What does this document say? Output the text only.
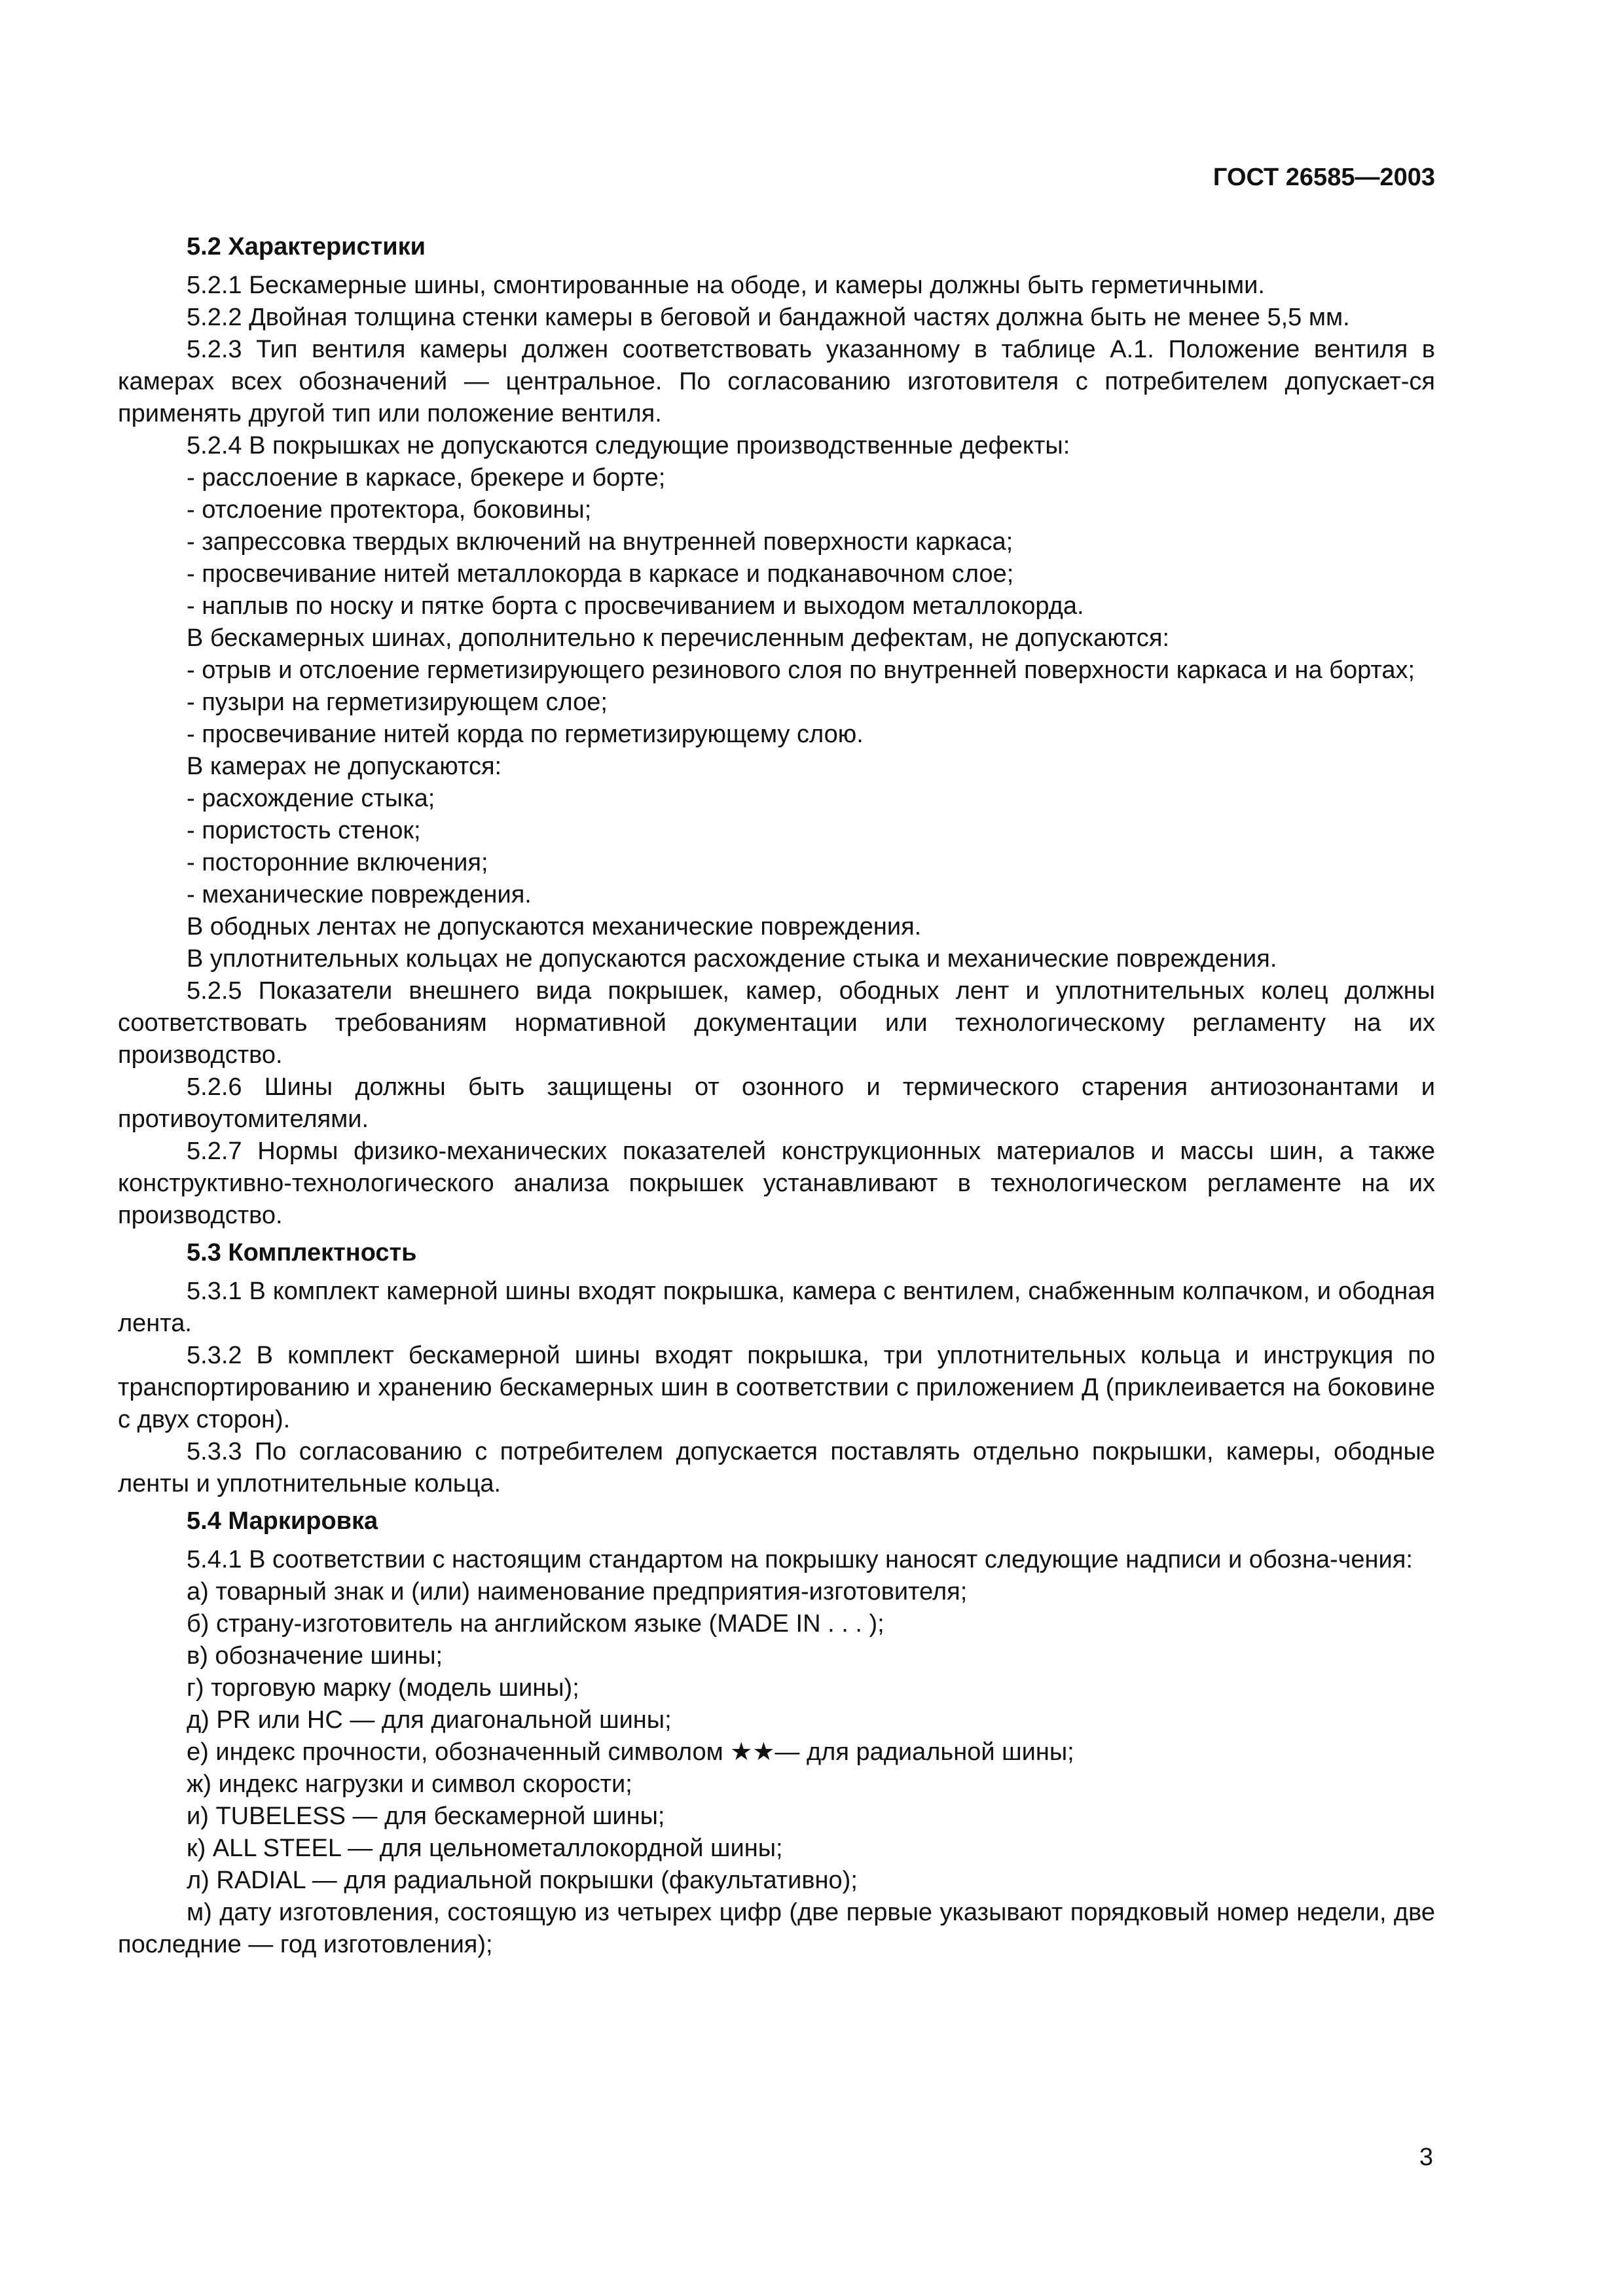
ГОСТ 26585—2003
5.2 Характеристики

5.2.1 Бескамерные шины, смонтированные на ободе, и камеры должны быть герметичными.

5.2.2 Двойная толщина стенки камеры в беговой и бандажной частях должна быть не менее 5,5 мм.

5.2.3 Тип вентиля камеры должен соответствовать указанному в таблице А.1. Положение вентиля в камерах всех обозначений — центральное. По согласованию изготовителя с потребителем допускает-ся применять другой тип или положение вентиля.

5.2.4 В покрышках не допускаются следующие производственные дефекты:

- расслоение в каркасе, брекере и борте;

- отслоение протектора, боковины;

- запрессовка твердых включений на внутренней поверхности каркаса;

- просвечивание нитей металлокорда в каркасе и подканавочном слое;

- наплыв по носку и пятке борта с просвечиванием и выходом металлокорда.

В бескамерных шинах, дополнительно к перечисленным дефектам, не допускаются:

- отрыв и отслоение герметизирующего резинового слоя по внутренней поверхности каркаса и на бортах;

- пузыри на герметизирующем слое;

- просвечивание нитей корда по герметизирующему слою.

В камерах не допускаются:

- расхождение стыка;

- пористость стенок;

- посторонние включения;

- механические повреждения.

В ободных лентах не допускаются механические повреждения.

В уплотнительных кольцах не допускаются расхождение стыка и механические повреждения.

5.2.5 Показатели внешнего вида покрышек, камер, ободных лент и уплотнительных колец должны соответствовать требованиям нормативной документации или технологическому регламенту на их производство.

5.2.6 Шины должны быть защищены от озонного и термического старения антиозонантами и противоутомителями.

5.2.7 Нормы физико-механических показателей конструкционных материалов и массы шин, а также конструктивно-технологического анализа покрышек устанавливают в технологическом регламенте на их производство.

5.3 Комплектность

5.3.1 В комплект камерной шины входят покрышка, камера с вентилем, снабженным колпачком, и ободная лента.

5.3.2 В комплект бескамерной шины входят покрышка, три уплотнительных кольца и инструкция по транспортированию и хранению бескамерных шин в соответствии с приложением Д (приклеивается на боковине с двух сторон).

5.3.3 По согласованию с потребителем допускается поставлять отдельно покрышки, камеры, ободные ленты и уплотнительные кольца.

5.4 Маркировка

5.4.1 В соответствии с настоящим стандартом на покрышку наносят следующие надписи и обозна-чения:

а) товарный знак и (или) наименование предприятия-изготовителя;

б) страну-изготовитель на английском языке (MADE IN . . . );

в) обозначение шины;

г) торговую марку (модель шины);

д) PR или НС — для диагональной шины;

е) индекс прочности, обозначенный символом ★★— для радиальной шины;

ж) индекс нагрузки и символ скорости;

и) TUBELESS — для бескамерной шины;

к) ALL STEEL — для цельнометаллокордной шины;

л) RADIAL — для радиальной покрышки (факультативно);

м) дату изготовления, состоящую из четырех цифр (две первые указывают порядковый номер недели, две последние — год изготовления);

3
